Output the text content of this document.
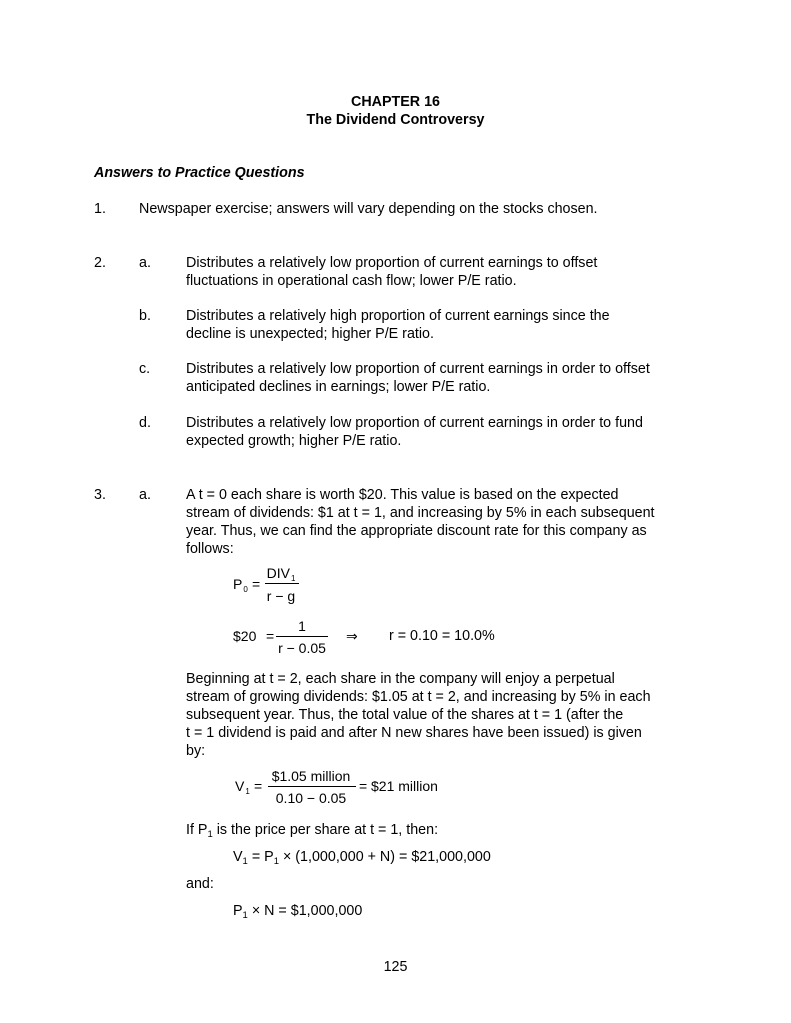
CHAPTER 16
The Dividend Controversy
Answers to Practice Questions
1. Newspaper exercise; answers will vary depending on the stocks chosen.
2. a. Distributes a relatively low proportion of current earnings to offset
fluctuations in operational cash flow; lower P/E ratio.
b. Distributes a relatively high proportion of current earnings since the
decline is unexpected; higher P/E ratio.
c.	Distributes a relatively low proportion of current earnings in order to offset
anticipated declines in earnings; lower P/E ratio.
d. Distributes a relatively low proportion of current earnings in order to fund
expected growth; higher P/E ratio.
3. a. A t = 0 each share is worth $20. This value is based on the expected
stream of dividends: $1 at t = 1, and increasing by 5% in each subsequent
year. Thus, we can find the appropriate discount rate for this company as
follows:
$P_0$ =
$DIV_1$
r − g
$20 =
1
r − 0.05
⇒ r = 0.10 = 10.0%
Beginning at t = 2, each share in the company will enjoy a perpetual
stream of growing dividends: $1.05 at t = 2, and increasing by 5% in each
subsequent year. Thus, the total value of the shares at t = 1 (after the
t = 1 dividend is paid and after N new shares have been issued) is given
by:
$V_1$ =
$1.05 million
0.10 − 0.05
= $21 million
If $P_1$ is the price per share at t = 1, then:
$V_1 = P_1 \times (1,000,000 + N)$ = $21,000,000
and:
$P_1 \times N$ = $1,000,000
125
